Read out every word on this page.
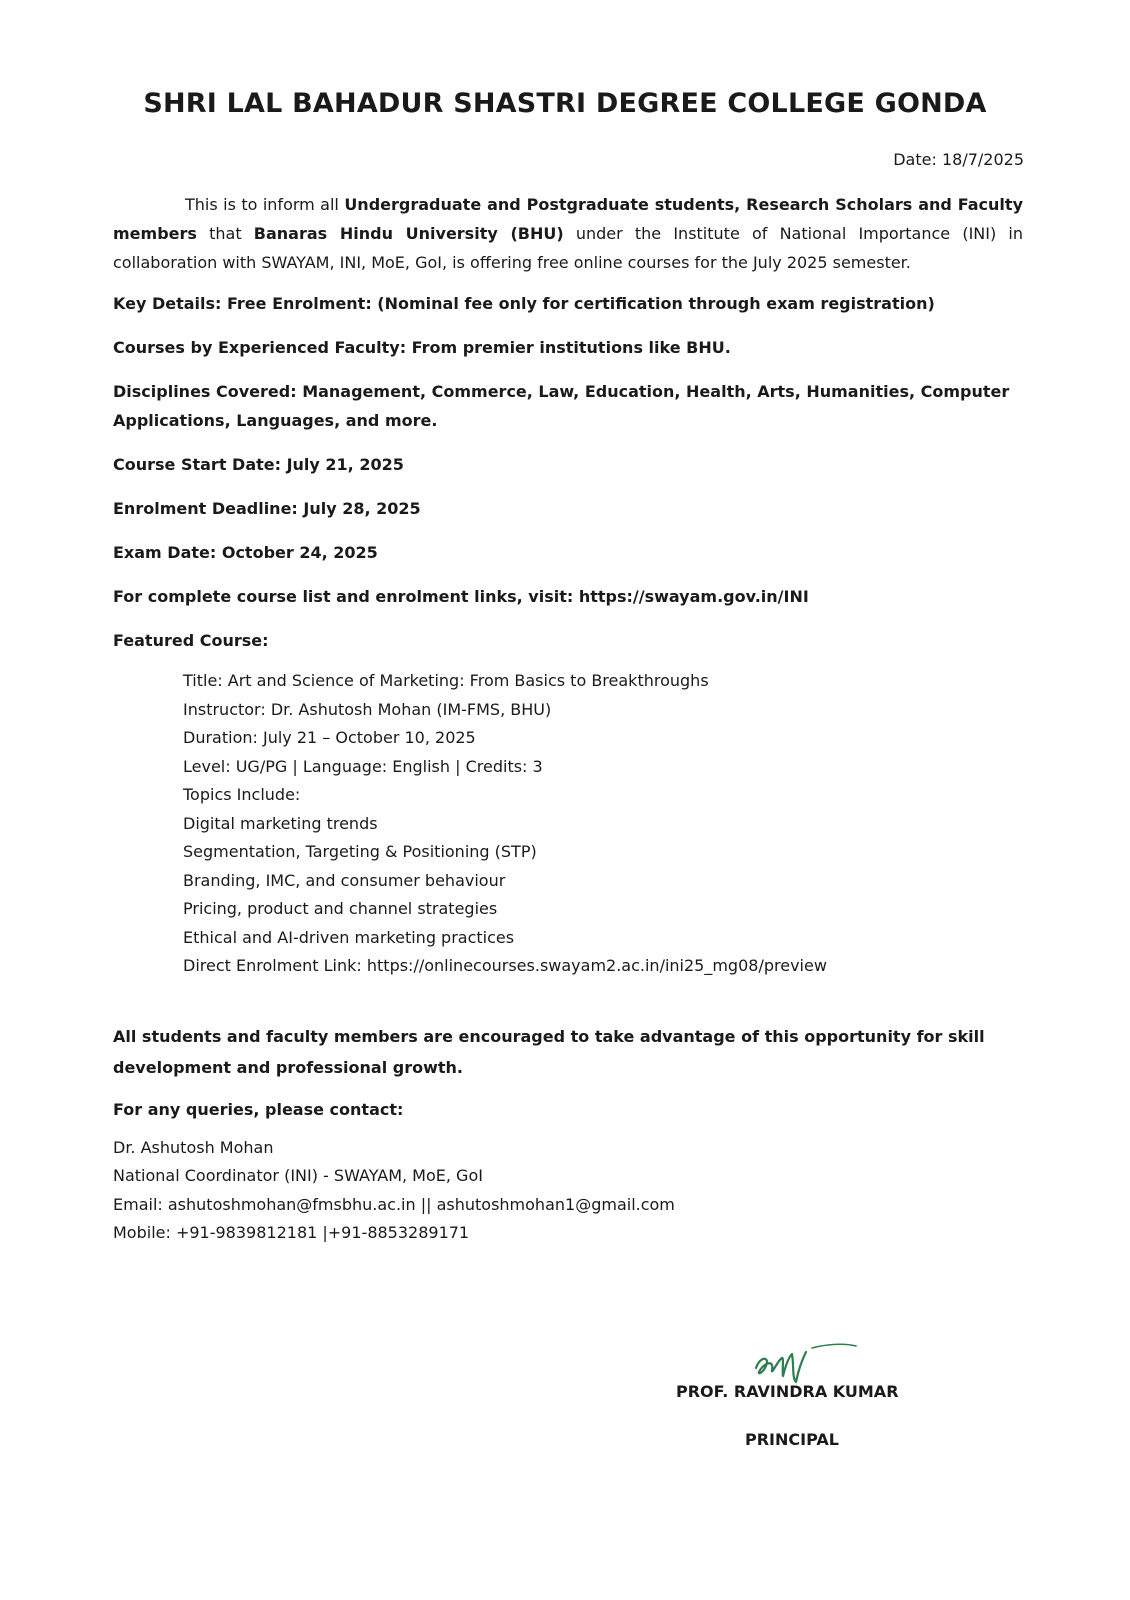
SHRI LAL BAHADUR SHASTRI DEGREE COLLEGE GONDA
Date: 18/7/2025

This is to inform all Undergraduate and Postgraduate students, Research Scholars and Faculty members that Banaras Hindu University (BHU) under the Institute of National Importance (INI) in collaboration with SWAYAM, INI, MoE, GoI, is offering free online courses for the July 2025 semester.

Key Details: Free Enrolment: (Nominal fee only for certification through exam registration)

Courses by Experienced Faculty: From premier institutions like BHU.

Disciplines Covered: Management, Commerce, Law, Education, Health, Arts, Humanities, Computer Applications, Languages, and more.

Course Start Date: July 21, 2025

Enrolment Deadline: July 28, 2025

Exam Date: October 24, 2025

For complete course list and enrolment links, visit: https://swayam.gov.in/INI

Featured Course:

Title: Art and Science of Marketing: From Basics to Breakthroughs
Instructor: Dr. Ashutosh Mohan (IM-FMS, BHU)
Duration: July 21 – October 10, 2025
Level: UG/PG | Language: English | Credits: 3
Topics Include:
Digital marketing trends
Segmentation, Targeting & Positioning (STP)
Branding, IMC, and consumer behaviour
Pricing, product and channel strategies
Ethical and AI-driven marketing practices
Direct Enrolment Link: https://onlinecourses.swayam2.ac.in/ini25_mg08/preview

All students and faculty members are encouraged to take advantage of this opportunity for skill development and professional growth.

For any queries, please contact:

Dr. Ashutosh Mohan
National Coordinator (INI) - SWAYAM, MoE, GoI
Email: ashutoshmohan@fmsbhu.ac.in || ashutoshmohan1@gmail.com
Mobile: +91-9839812181 |+91-8853289171
PROF. RAVINDRA KUMAR
PRINCIPAL
